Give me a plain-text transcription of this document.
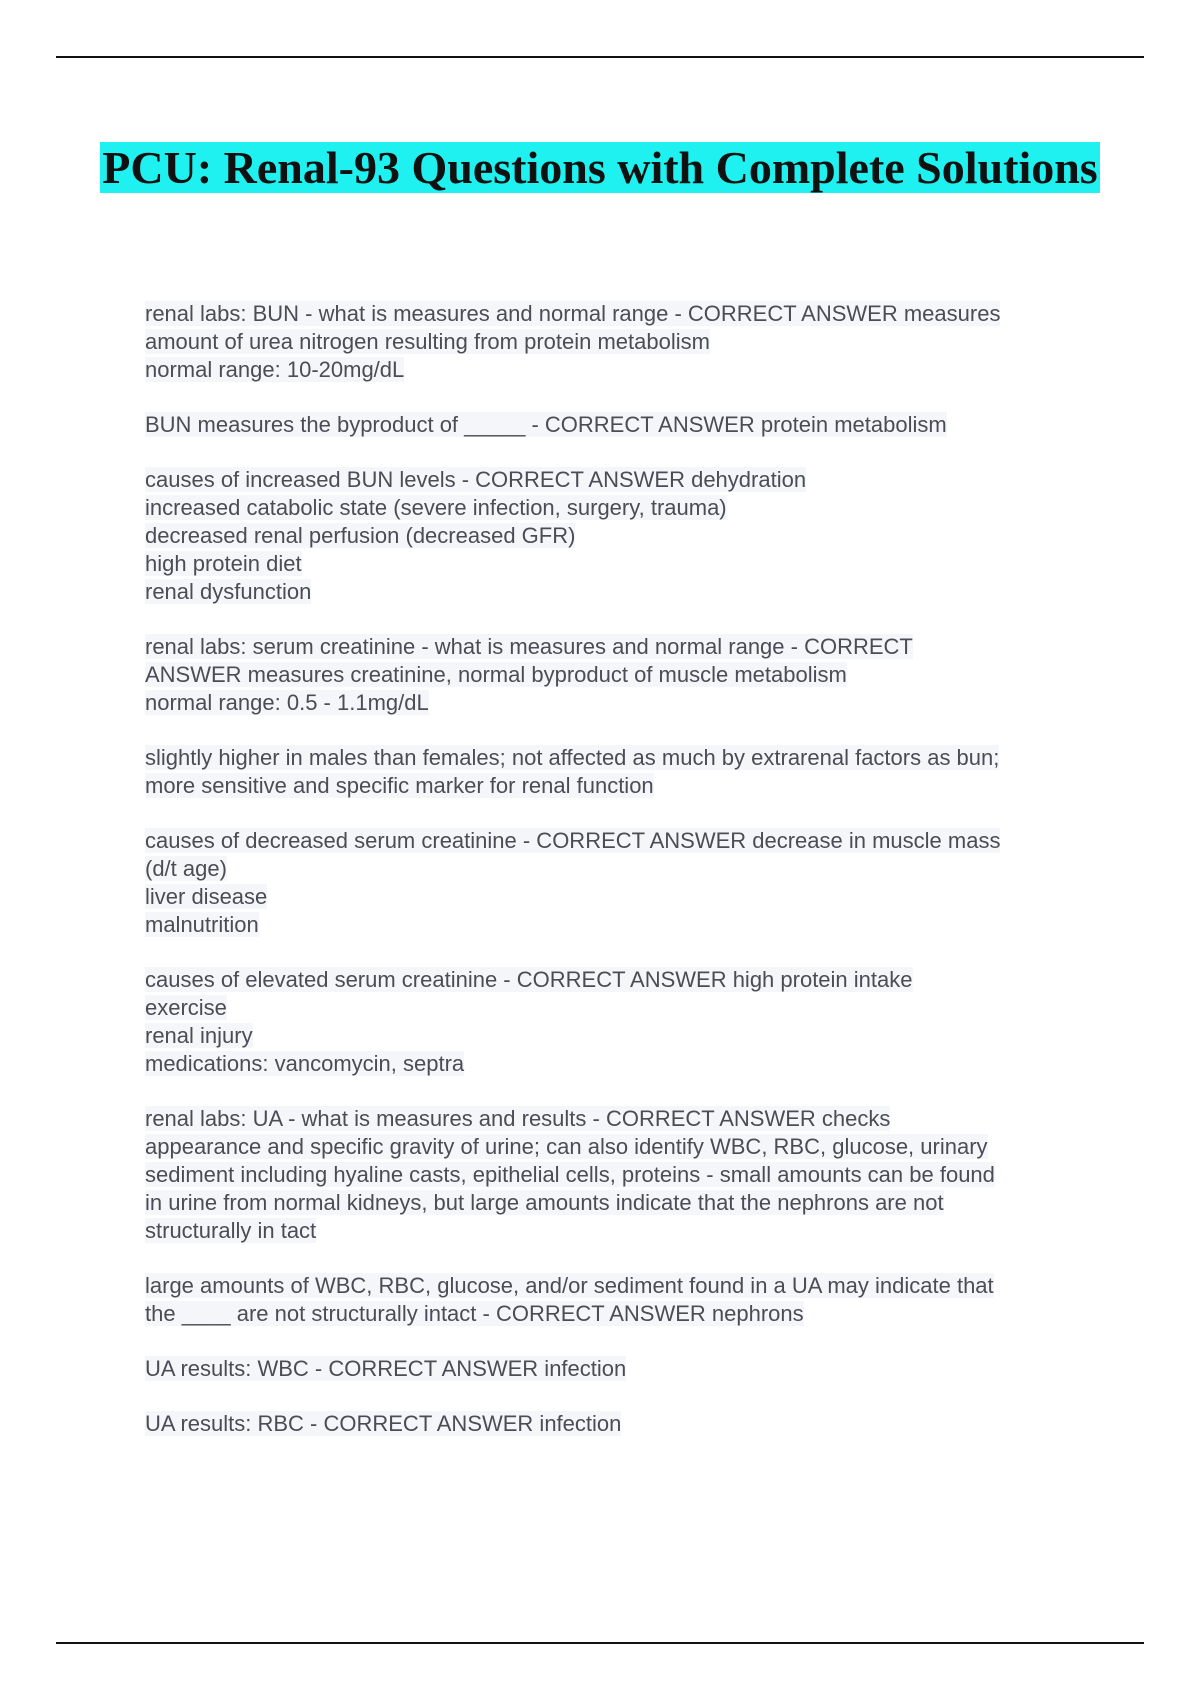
PCU: Renal-93 Questions with Complete Solutions
renal labs: BUN - what is measures and normal range - CORRECT ANSWER measures
amount of urea nitrogen resulting from protein metabolism
normal range: 10-20mg/dL
BUN measures the byproduct of _____ - CORRECT ANSWER protein metabolism
causes of increased BUN levels - CORRECT ANSWER dehydration
increased catabolic state (severe infection, surgery, trauma)
decreased renal perfusion (decreased GFR)
high protein diet
renal dysfunction
renal labs: serum creatinine - what is measures and normal range - CORRECT
ANSWER measures creatinine, normal byproduct of muscle metabolism
normal range: 0.5 - 1.1mg/dL
slightly higher in males than females; not affected as much by extrarenal factors as bun;
more sensitive and specific marker for renal function
causes of decreased serum creatinine - CORRECT ANSWER decrease in muscle mass
(d/t age)
liver disease
malnutrition
causes of elevated serum creatinine - CORRECT ANSWER high protein intake
exercise
renal injury
medications: vancomycin, septra
renal labs: UA - what is measures and results - CORRECT ANSWER checks
appearance and specific gravity of urine; can also identify WBC, RBC, glucose, urinary
sediment including hyaline casts, epithelial cells, proteins - small amounts can be found
in urine from normal kidneys, but large amounts indicate that the nephrons are not
structurally in tact
large amounts of WBC, RBC, glucose, and/or sediment found in a UA may indicate that
the ____ are not structurally intact - CORRECT ANSWER nephrons
UA results: WBC - CORRECT ANSWER infection
UA results: RBC - CORRECT ANSWER infection
